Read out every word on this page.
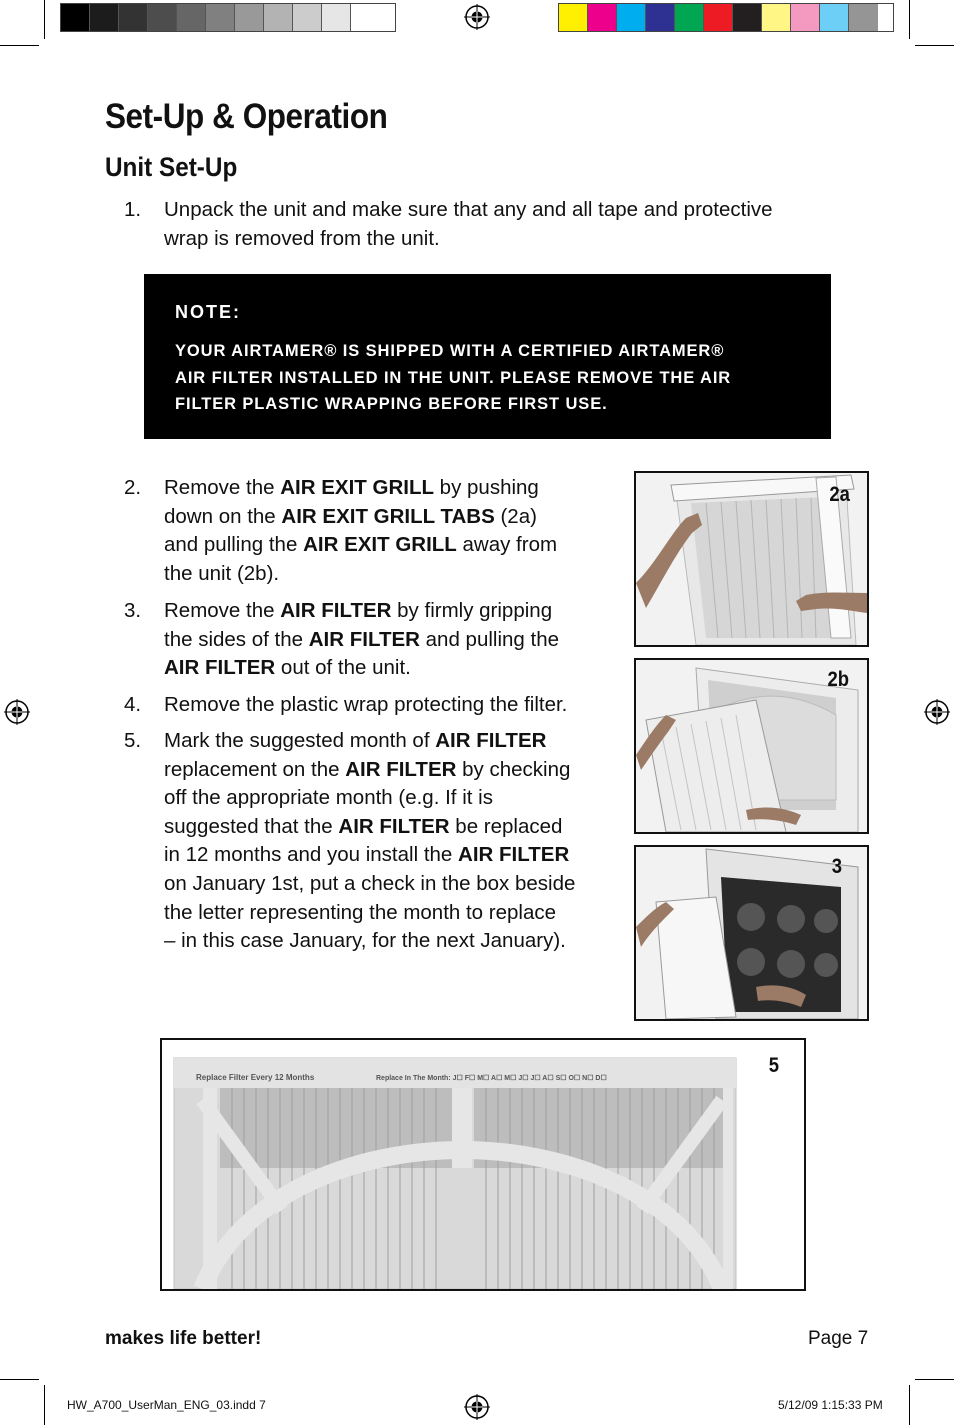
Set-Up & Operation
Unit Set-Up
1. Unpack the unit and make sure that any and all tape and protective
wrap is removed from the unit.
NOTE:
YOUR AIRTAMER® IS SHIPPED WITH A CERTIFIED AIRTAMER®
AIR FILTER INSTALLED IN THE UNIT. PLEASE REMOVE THE AIR
FILTER PLASTIC WRAPPING BEFORE FIRST USE.
2. Remove the AIR EXIT GRILL by pushing
down on the AIR EXIT GRILL TABS (2a)
and pulling the AIR EXIT GRILL away from
the unit (2b).
3. Remove the AIR FILTER by firmly gripping
the sides of the AIR FILTER and pulling the
AIR FILTER out of the unit.
4. Remove the plastic wrap protecting the filter.
5. Mark the suggested month of AIR FILTER
replacement on the AIR FILTER by checking
off the appropriate month (e.g. If it is
suggested that the AIR FILTER be replaced
in 12 months and you install the AIR FILTER
on January 1st, put a check in the box beside
the letter representing the month to replace
– in this case January, for the next January).
2a
2b
3
Replace Filter Every 12 Months	Replace In The Month: J☐ F☐ M☐ A☐ M☐ J☐ J☐ A☐ S☐ O☐ N☐ D☐
5
makes life better!	Page 7
HW_A700_UserMan_ENG_03.indd 7	5/12/09 1:15:33 PM
